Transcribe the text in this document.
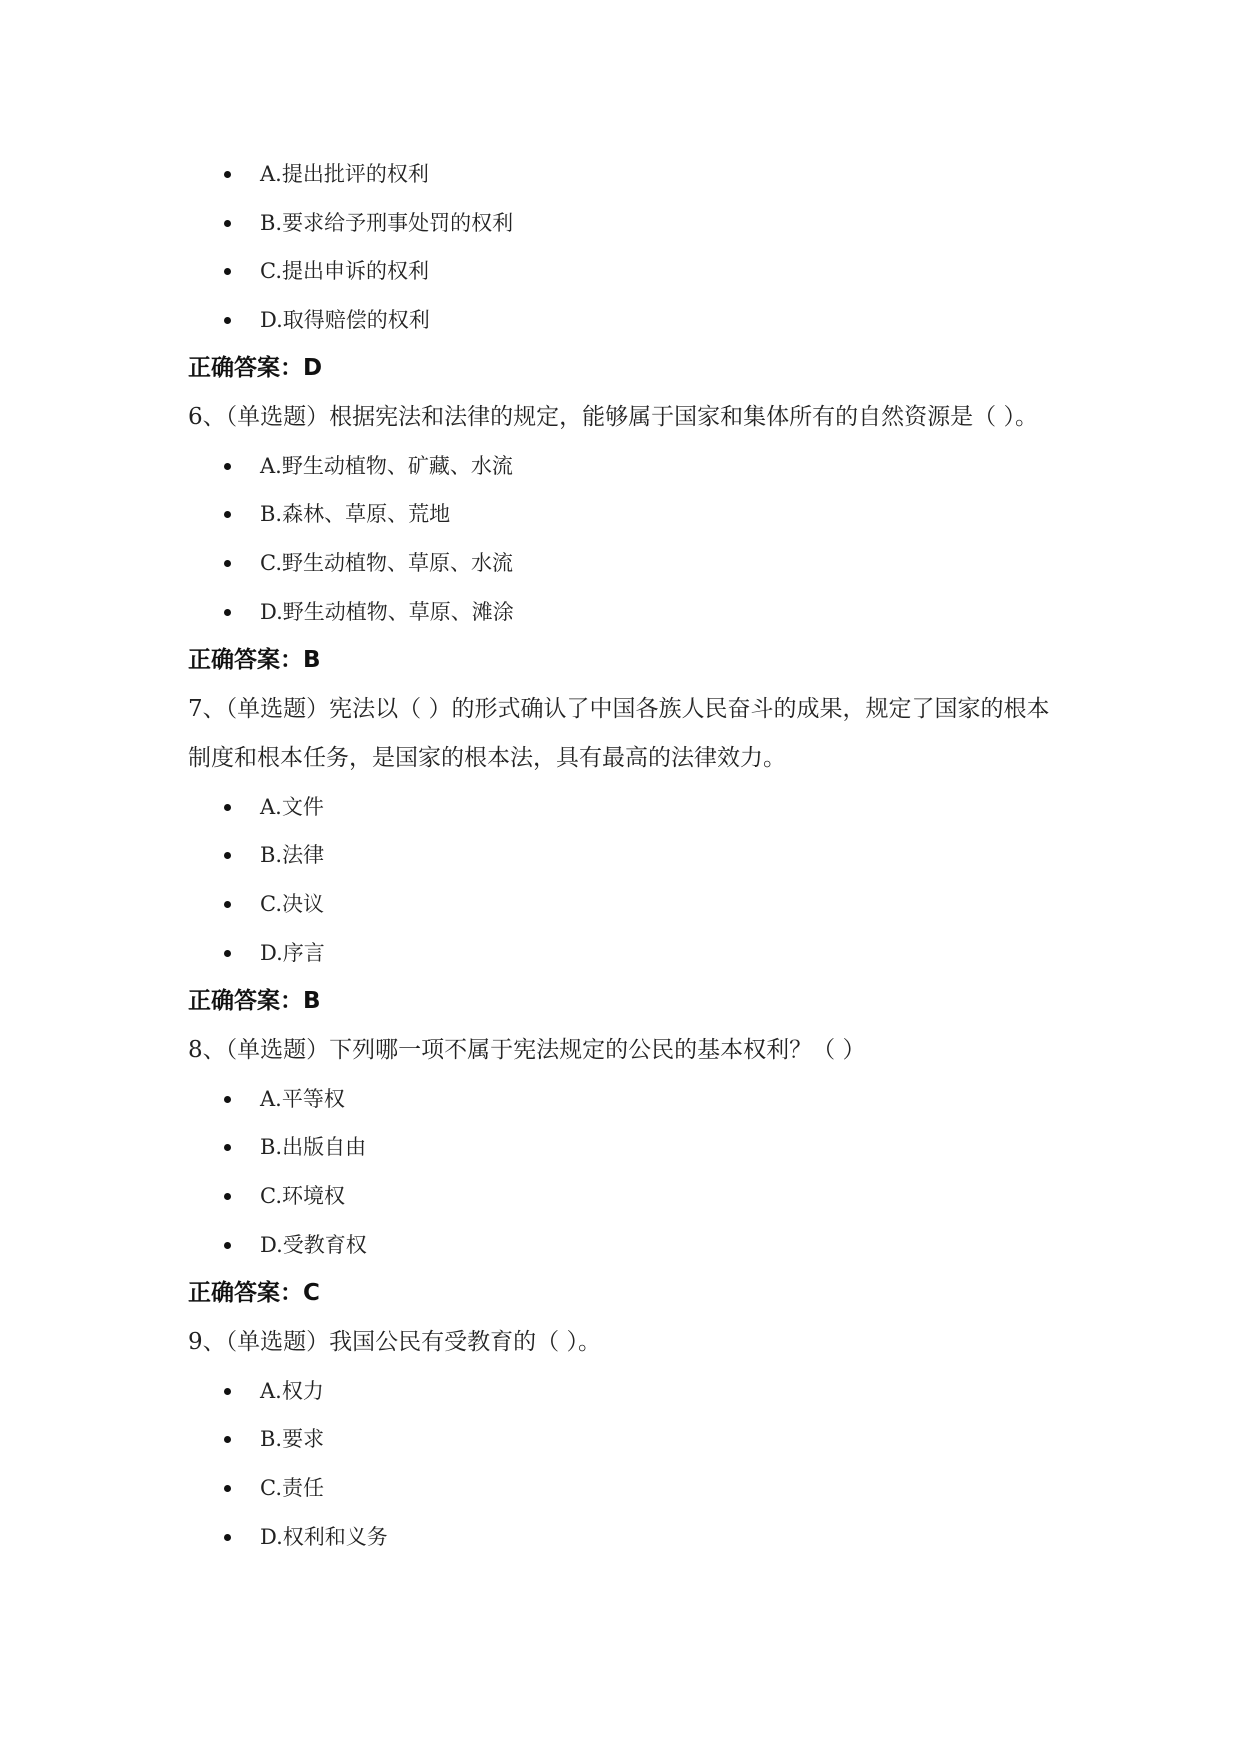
A.提出批评的权利
B.要求给予刑事处罚的权利
C.提出申诉的权利
D.取得赔偿的权利
正确答案：D
6、（单选题）根据宪法和法律的规定，能够属于国家和集体所有的自然资源是（ ）。
A.野生动植物、矿藏、水流
B.森林、草原、荒地
C.野生动植物、草原、水流
D.野生动植物、草原、滩涂
正确答案：B
7、（单选题）宪法以（ ）的形式确认了中国各族人民奋斗的成果，规定了国家的根本
制度和根本任务，是国家的根本法，具有最高的法律效力。
A.文件
B.法律
C.决议
D.序言
正确答案：B
8、（单选题）下列哪一项不属于宪法规定的公民的基本权利？（ ）
A.平等权
B.出版自由
C.环境权
D.受教育权
正确答案：C
9、（单选题）我国公民有受教育的（ ）。
A.权力
B.要求
C.责任
D.权利和义务
